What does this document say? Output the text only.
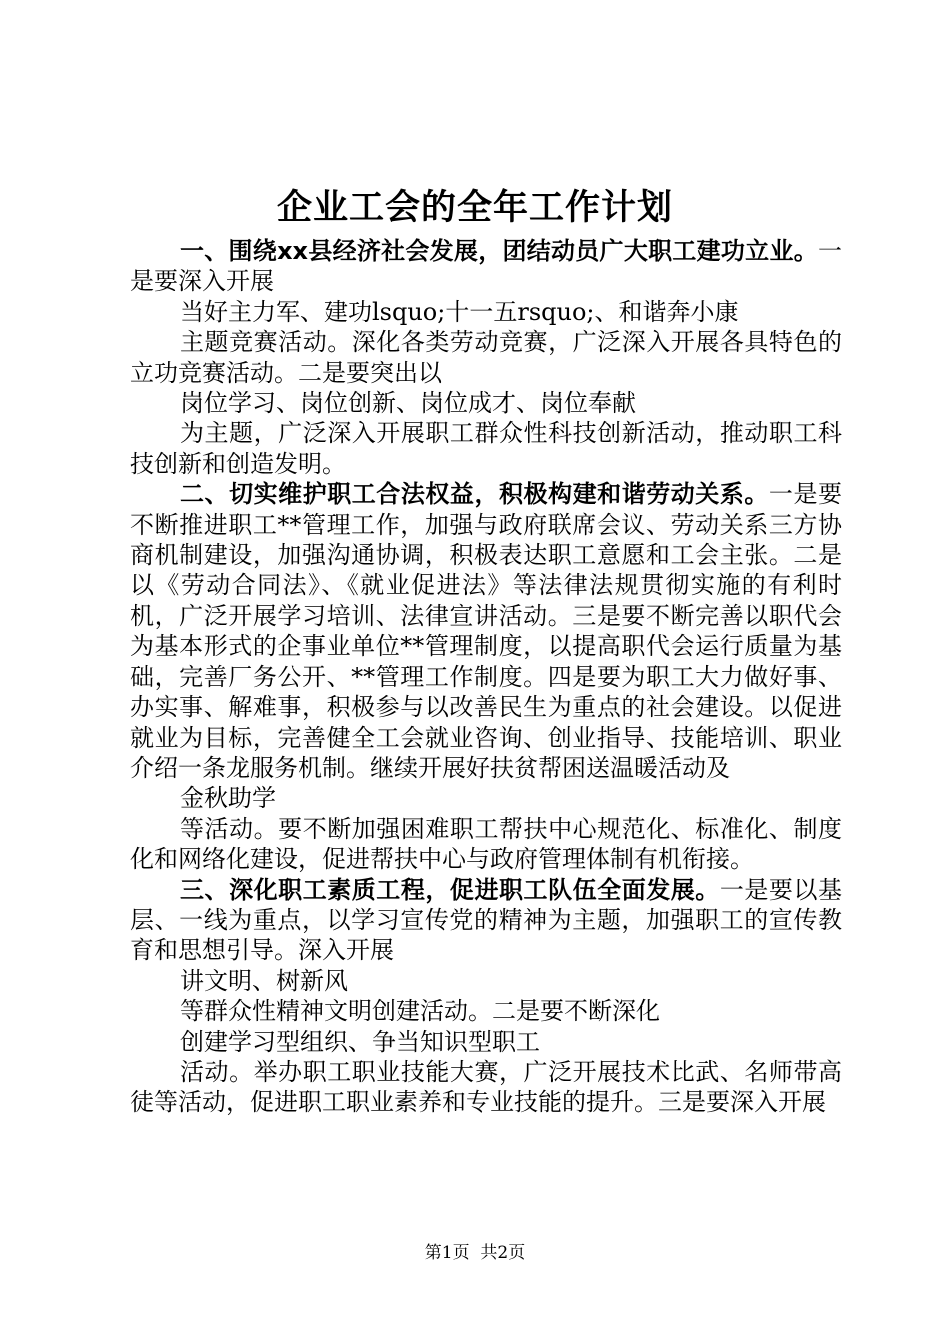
企业工会的全年工作计划

一、围绕xx县经济社会发展，团结动员广大职工建功立业。一是要深入开展

当好主力军、建功lsquo;十一五rsquo;、和谐奔小康

主题竞赛活动。深化各类劳动竞赛，广泛深入开展各具特色的立功竞赛活动。二是要突出以

岗位学习、岗位创新、岗位成才、岗位奉献

为主题，广泛深入开展职工群众性科技创新活动，推动职工科技创新和创造发明。

二、切实维护职工合法权益，积极构建和谐劳动关系。一是要不断推进职工**管理工作，加强与政府联席会议、劳动关系三方协商机制建设，加强沟通协调，积极表达职工意愿和工会主张。二是以《劳动合同法》、《就业促进法》等法律法规贯彻实施的有利时机，广泛开展学习培训、法律宣讲活动。三是要不断完善以职代会为基本形式的企事业单位**管理制度，以提高职代会运行质量为基础，完善厂务公开、**管理工作制度。四是要为职工大力做好事、办实事、解难事，积极参与以改善民生为重点的社会建设。以促进就业为目标，完善健全工会就业咨询、创业指导、技能培训、职业介绍一条龙服务机制。继续开展好扶贫帮困送温暖活动及

金秋助学

等活动。要不断加强困难职工帮扶中心规范化、标准化、制度化和网络化建设，促进帮扶中心与政府管理体制有机衔接。

三、深化职工素质工程，促进职工队伍全面发展。一是要以基层、一线为重点，以学习宣传党的精神为主题，加强职工的宣传教育和思想引导。深入开展

讲文明、树新风

等群众性精神文明创建活动。二是要不断深化

创建学习型组织、争当知识型职工

活动。举办职工职业技能大赛，广泛开展技术比武、名师带高徒等活动，促进职工职业素养和专业技能的提升。三是要深入开展

第1页 共2页
